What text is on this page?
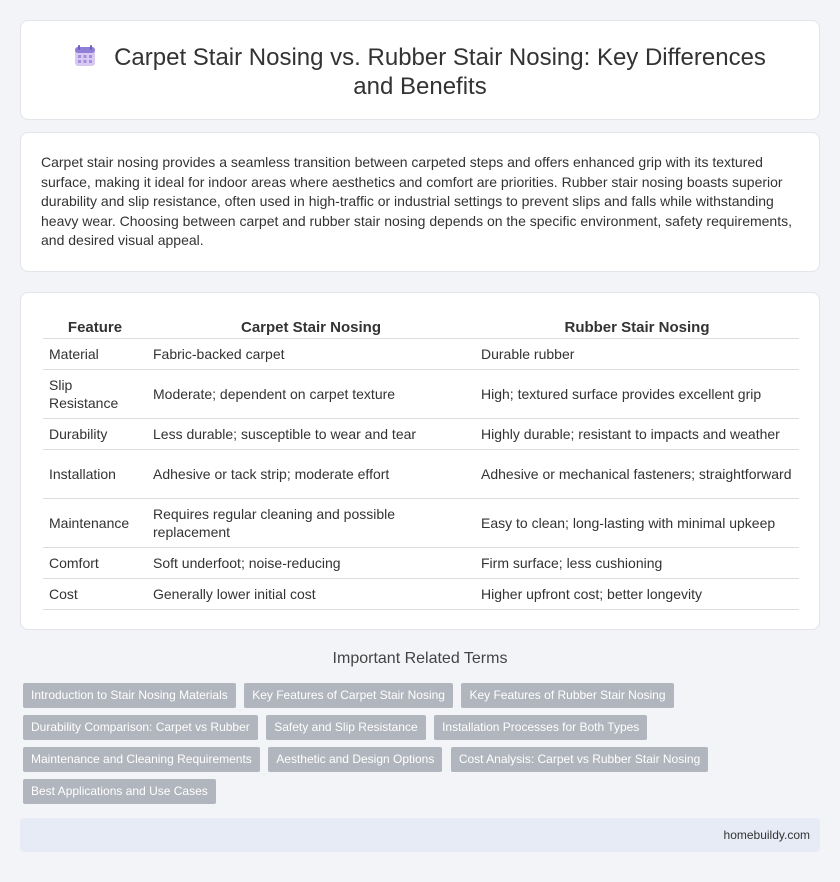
Carpet Stair Nosing vs. Rubber Stair Nosing: Key Differences and Benefits

Carpet stair nosing provides a seamless transition between carpeted steps and offers enhanced grip with its textured surface, making it ideal for indoor areas where aesthetics and comfort are priorities. Rubber stair nosing boasts superior durability and slip resistance, often used in high-traffic or industrial settings to prevent slips and falls while withstanding heavy wear. Choosing between carpet and rubber stair nosing depends on the specific environment, safety requirements, and desired visual appeal.

Feature	Carpet Stair Nosing	Rubber Stair Nosing
Material	Fabric-backed carpet	Durable rubber
Slip Resistance	Moderate; dependent on carpet texture	High; textured surface provides excellent grip
Durability	Less durable; susceptible to wear and tear	Highly durable; resistant to impacts and weather
Installation	Adhesive or tack strip; moderate effort	Adhesive or mechanical fasteners; straightforward
Maintenance	Requires regular cleaning and possible replacement	Easy to clean; long-lasting with minimal upkeep
Comfort	Soft underfoot; noise-reducing	Firm surface; less cushioning
Cost	Generally lower initial cost	Higher upfront cost; better longevity
Important Related Terms
Introduction to Stair Nosing Materials Key Features of Carpet Stair Nosing Key Features of Rubber Stair Nosing
Durability Comparison: Carpet vs Rubber Safety and Slip Resistance Installation Processes for Both Types
Maintenance and Cleaning Requirements Aesthetic and Design Options Cost Analysis: Carpet vs Rubber Stair Nosing
Best Applications and Use Cases
homebuildy.com
